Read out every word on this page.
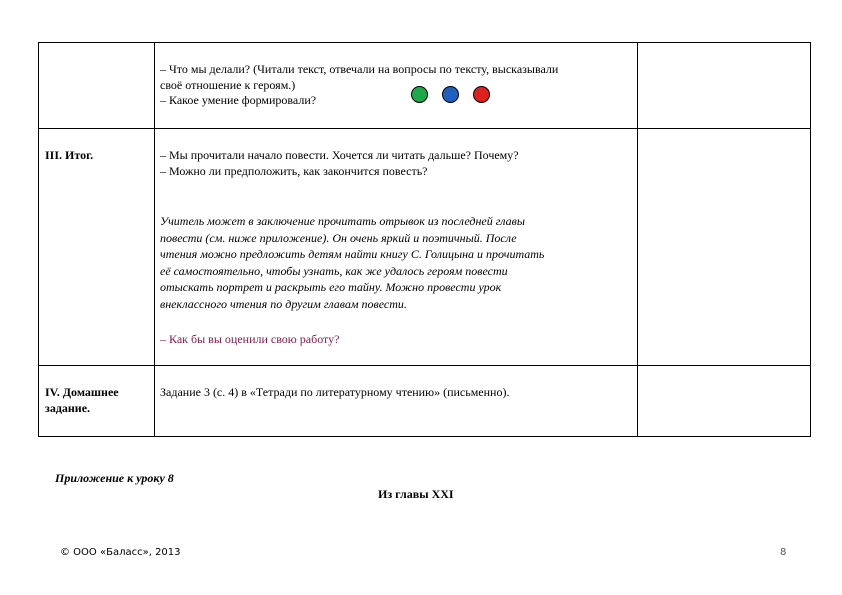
– Что мы делали? (Читали текст, отвечали на вопросы по тексту, высказывали
своё отношение к героям.)
– Какое умение формировали?
III. Итог.	– Мы прочитали начало повести. Хочется ли читать дальше? Почему?
– Можно ли предположить, как закончится повесть?
Учитель может в заключение прочитать отрывок из последней главы
повести (см. ниже приложение). Он очень яркий и поэтичный. После
чтения можно предложить детям найти книгу С. Голицына и прочитать
её самостоятельно, чтобы узнать, как же удалось героям повести
отыскать портрет и раскрыть его тайну. Можно провести урок
внеклассного чтения по другим главам повести.
– Как бы вы оценили свою работу?
IV. Домашнее
задание.
Задание 3 (с. 4) в «Тетради по литературному чтению» (письменно).
Приложение к уроку 8
Из главы XXI
© ООО «Баласс», 2013	8
